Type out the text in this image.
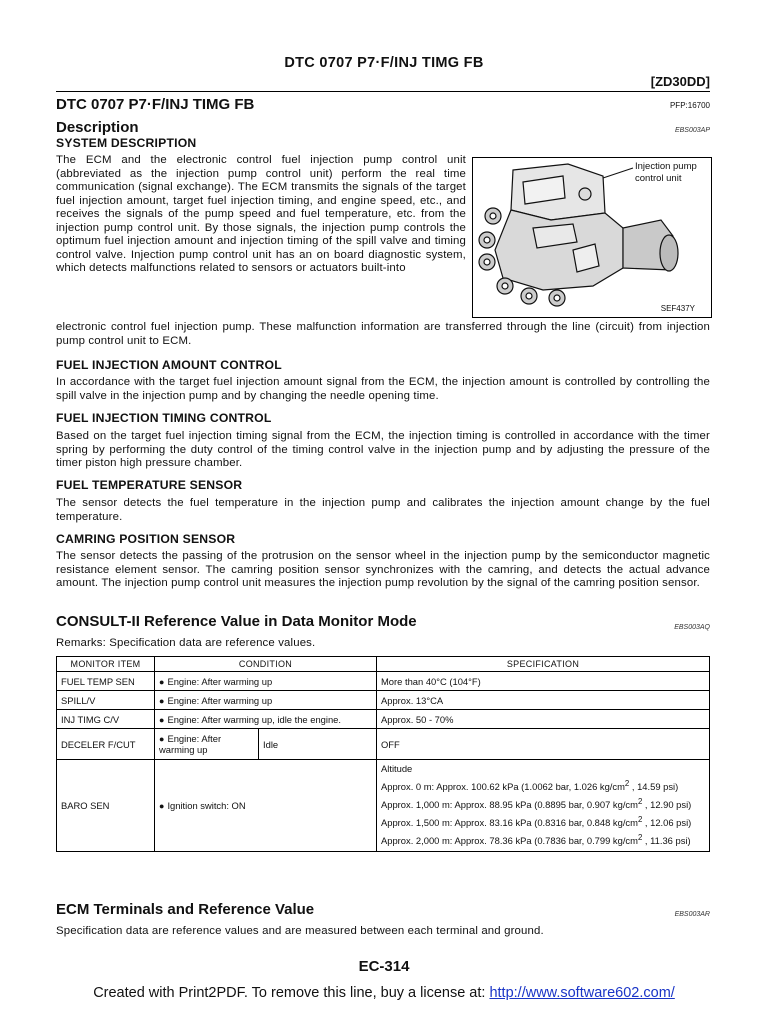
DTC 0707 P7·F/INJ TIMG FB
[ZD30DD]
DTC 0707 P7·F/INJ TIMG FB	PFP:16700
Description	EBS003AP
SYSTEM DESCRIPTION
The ECM and the electronic control fuel injection pump control unit (abbreviated as the injection pump control unit) perform the real time communication (signal exchange). The ECM transmits the signals of the target fuel injection amount, target fuel injection timing, and engine speed, etc., and receives the signals of the pump speed and fuel temperature, etc. from the injection pump control unit. By those signals, the injection pump controls the optimum fuel injection amount and injection timing of the spill valve and timing control valve. Injection pump control unit has an on board diagnostic system, which detects malfunctions related to sensors or actuators built-into
electronic control fuel injection pump. These malfunction information are transferred through the line (circuit) from injection pump control unit to ECM.
Injection pump control unit
SEF437Y
FUEL INJECTION AMOUNT CONTROL
In accordance with the target fuel injection amount signal from the ECM, the injection amount is controlled by controlling the spill valve in the injection pump and by changing the needle opening time.
FUEL INJECTION TIMING CONTROL
Based on the target fuel injection timing signal from the ECM, the injection timing is controlled in accordance with the timer spring by performing the duty control of the timing control valve in the injection pump and by adjusting the pressure of the timer piston high pressure chamber.
FUEL TEMPERATURE SENSOR
The sensor detects the fuel temperature in the injection pump and calibrates the injection amount change by the fuel temperature.
CAMRING POSITION SENSOR
The sensor detects the passing of the protrusion on the sensor wheel in the injection pump by the semiconductor magnetic resistance element sensor. The camring position sensor synchronizes with the camring, and detects the actual advance amount. The injection pump control unit measures the injection pump revolution by the signal of the camring position sensor.
CONSULT-II Reference Value in Data Monitor Mode	EBS003AQ
Remarks: Specification data are reference values.
MONITOR ITEM	CONDITION		SPECIFICATION
FUEL TEMP SEN	● Engine: After warming up		More than 40°C (104°F)
SPILL/V	● Engine: After warming up		Approx. 13°CA
INJ TIMG C/V	● Engine: After warming up, idle the engine.		Approx. 50 - 70%
DECELER F/CUT	● Engine: After warming up	Idle	OFF
BARO SEN	● Ignition switch: ON		Altitude
Approx. 0 m: Approx. 100.62 kPa (1.0062 bar, 1.026 $kg/cm^2$ , 14.59 psi)
Approx. 1,000 m: Approx. 88.95 kPa (0.8895 bar, 0.907 $kg/cm^2$ , 12.90 psi)
Approx. 1,500 m: Approx. 83.16 kPa (0.8316 bar, 0.848 $kg/cm^2$ , 12.06 psi)
Approx. 2,000 m: Approx. 78.36 kPa (0.7836 bar, 0.799 $kg/cm^2$ , 11.36 psi)
ECM Terminals and Reference Value	EBS003AR
Specification data are reference values and are measured between each terminal and ground.
EC-314
Created with Print2PDF. To remove this line, buy a license at: http://www.software602.com/
